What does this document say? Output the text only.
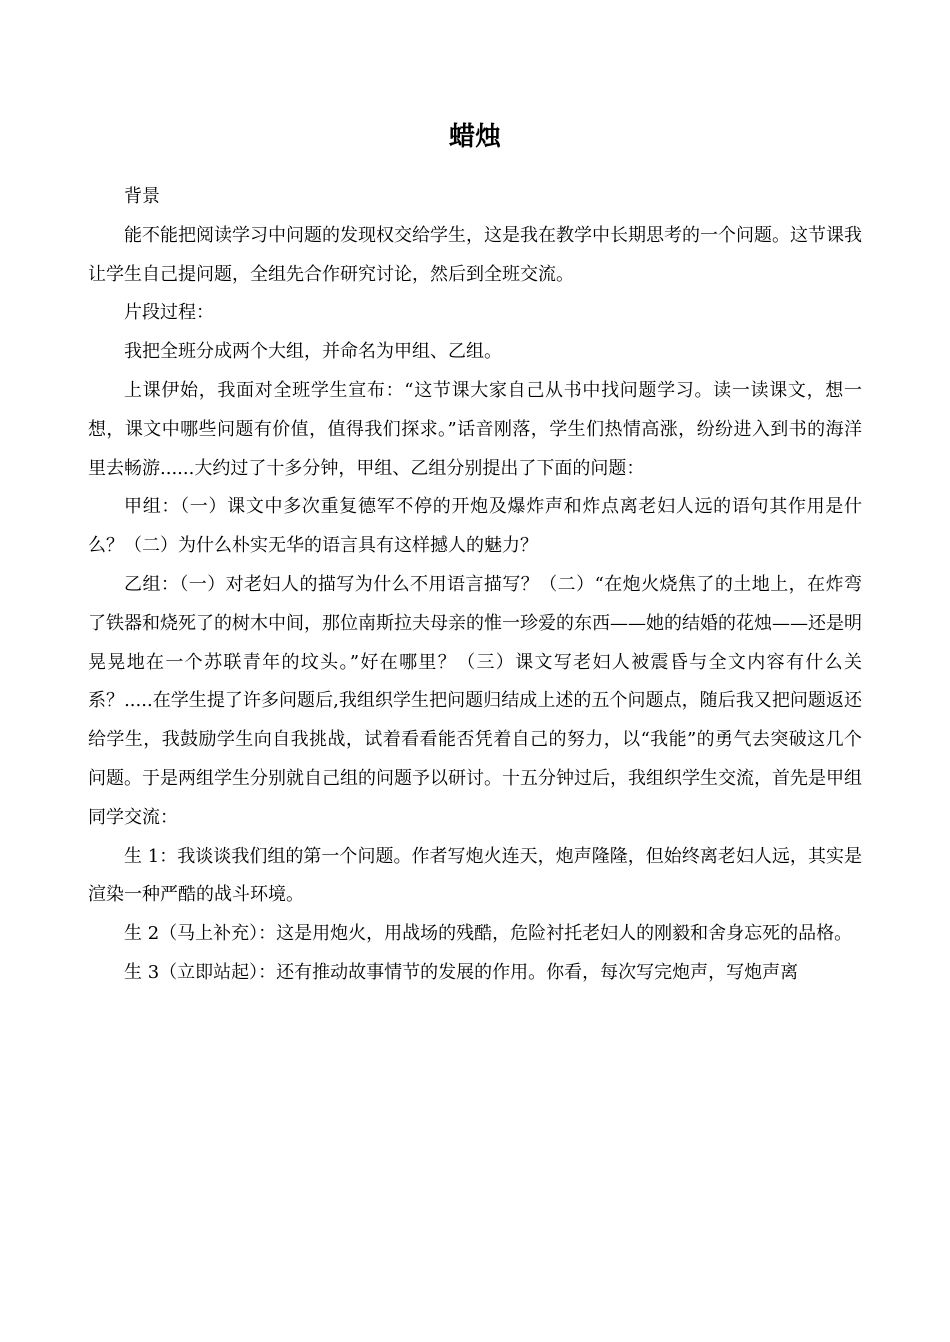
蜡烛

背景

能不能把阅读学习中问题的发现权交给学生，这是我在教学中长期思考的一个问题。这节课我让学生自己提问题，全组先合作研究讨论，然后到全班交流。

片段过程：

我把全班分成两个大组，并命名为甲组、乙组。

上课伊始，我面对全班学生宣布：“这节课大家自己从书中找问题学习。读一读课文，想一想，课文中哪些问题有价值，值得我们探求。”话音刚落，学生们热情高涨，纷纷进入到书的海洋里去畅游......大约过了十多分钟，甲组、乙组分别提出了下面的问题：

甲组：（一）课文中多次重复德军不停的开炮及爆炸声和炸点离老妇人远的语句其作用是什么？（二）为什么朴实无华的语言具有这样撼人的魅力？

乙组：（一）对老妇人的描写为什么不用语言描写？（二）“在炮火烧焦了的土地上，在炸弯了铁器和烧死了的树木中间，那位南斯拉夫母亲的惟一珍爱的东西——她的结婚的花烛——还是明晃晃地在一个苏联青年的坟头。”好在哪里？（三）课文写老妇人被震昏与全文内容有什么关系？.....在学生提了许多问题后,我组织学生把问题归结成上述的五个问题点，随后我又把问题返还给学生，我鼓励学生向自我挑战，试着看看能否凭着自己的努力，以“我能”的勇气去突破这几个问题。于是两组学生分别就自己组的问题予以研讨。十五分钟过后，我组织学生交流，首先是甲组同学交流：

生 1：我谈谈我们组的第一个问题。作者写炮火连天，炮声隆隆，但始终离老妇人远，其实是渲染一种严酷的战斗环境。

生 2（马上补充）：这是用炮火，用战场的残酷，危险衬托老妇人的刚毅和舍身忘死的品格。

生 3（立即站起）：还有推动故事情节的发展的作用。你看，每次写完炮声，写炮声离
